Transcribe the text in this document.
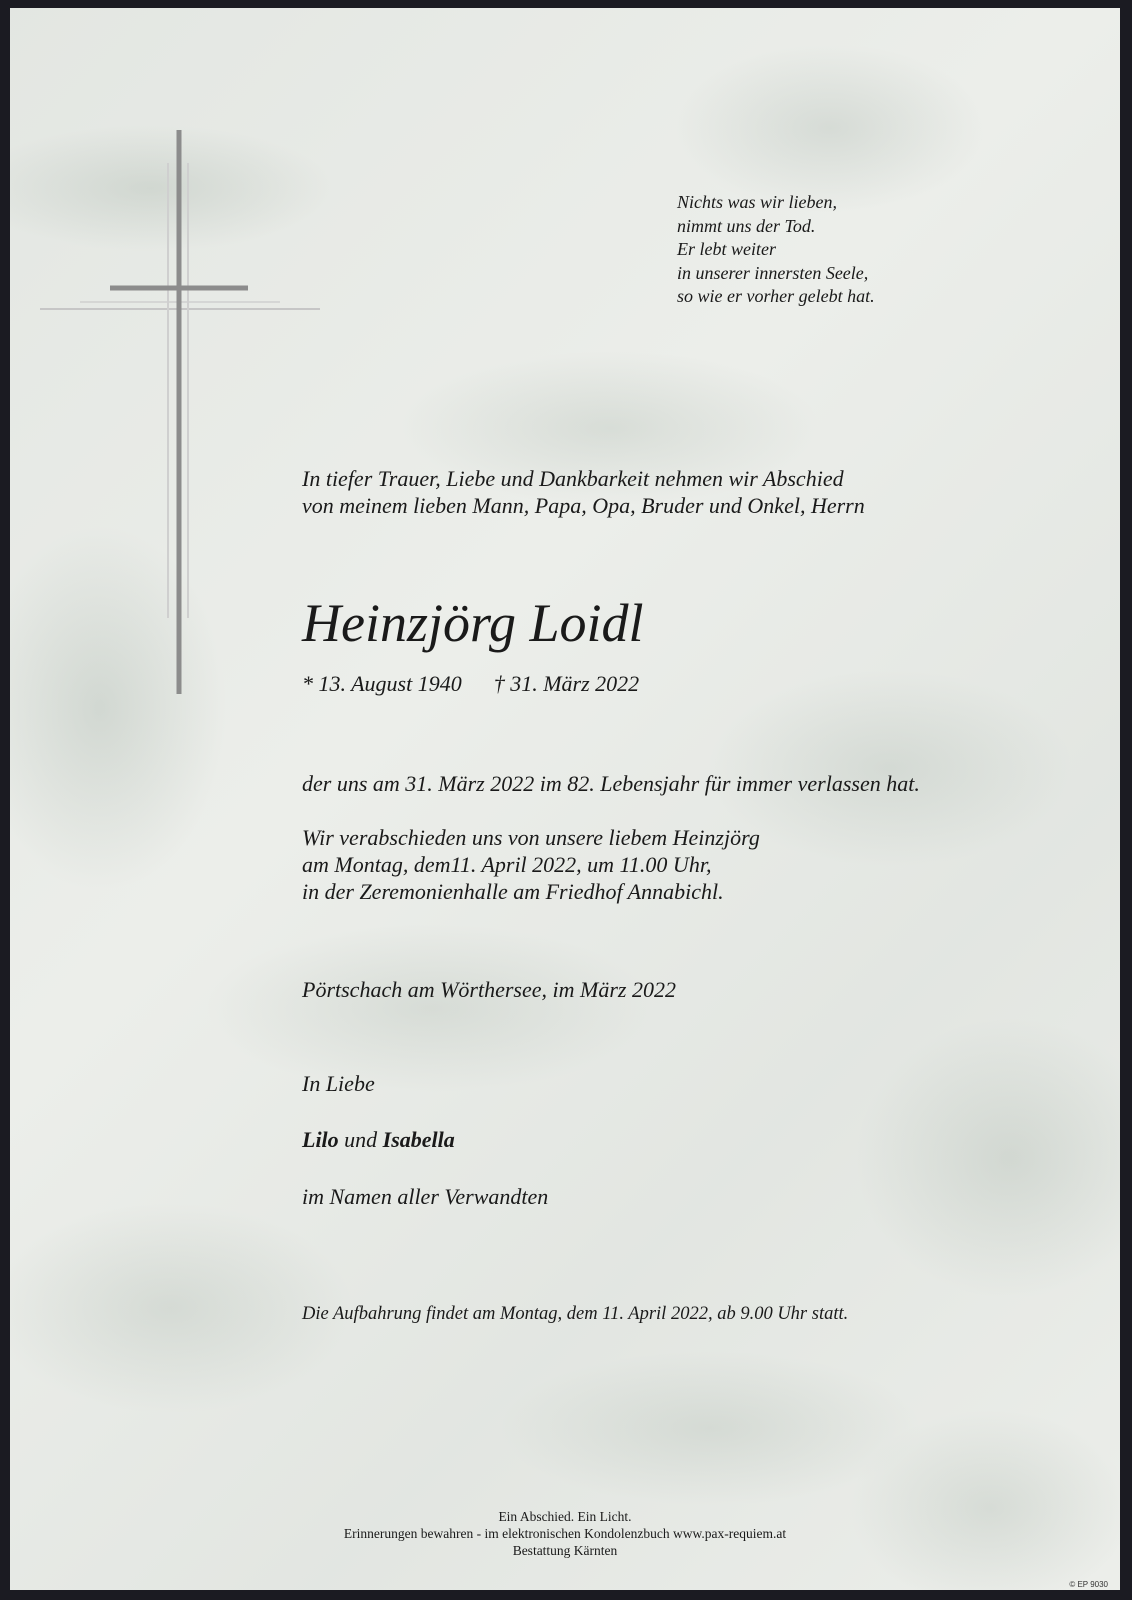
Nichts was wir lieben,

nimmt uns der Tod.

Er lebt weiter

in unserer innersten Seele,

so wie er vorher gelebt hat.

In tiefer Trauer, Liebe und Dankbarkeit nehmen wir Abschied

von meinem lieben Mann, Papa, Opa, Bruder und Onkel, Herrn

Heinzjörg Loidl
* 13. August 1940 † 31. März 2022
der uns am 31. März 2022 im 82. Lebensjahr für immer verlassen hat.

Wir verabschieden uns von unsere liebem Heinzjörg

am Montag, dem11. April 2022, um 11.00 Uhr,

in der Zeremonienhalle am Friedhof Annabichl.

Pörtschach am Wörthersee, im März 2022
In Liebe
Lilo und Isabella
im Namen aller Verwandten
Die Aufbahrung findet am Montag, dem 11. April 2022, ab 9.00 Uhr statt.

Ein Abschied. Ein Licht.

Erinnerungen bewahren - im elektronischen Kondolenzbuch www.pax-requiem.at

Bestattung Kärnten

© EP 9030
